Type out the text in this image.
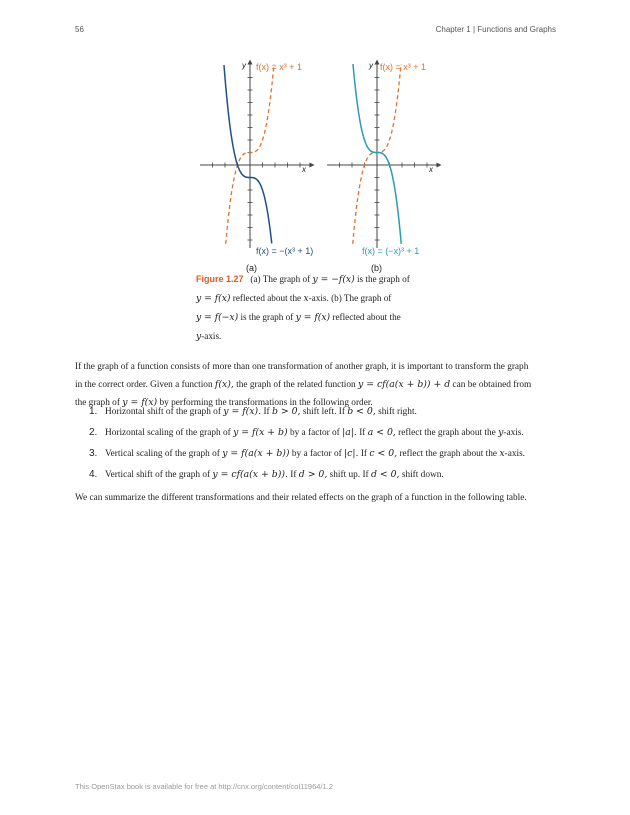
56	Chapter 1 | Functions and Graphs
y
x
f(x) = x³ + 1
f(x) = −(x³ + 1)
(a)
y
x
f(x) = x³ + 1
f(x) = (−x)³ + 1
(b)
Figure 1.27 (a) The graph of y = −f(x) is the graph of
y = f(x) reflected about the x-axis. (b) The graph of
y = f(−x) is the graph of y = f(x) reflected about the
y-axis.
If the graph of a function consists of more than one transformation of another graph, it is important to transform the graph
in the correct order. Given a function f(x), the graph of the related function y = cf(a(x + b)) + d can be obtained from
the graph of y = f(x) by performing the transformations in the following order.
1. Horizontal shift of the graph of y = f(x). If b > 0, shift left. If b < 0, shift right.
2. Horizontal scaling of the graph of y = f(x + b) by a factor of |a|. If a < 0, reflect the graph about the y-axis.
3. Vertical scaling of the graph of y = f(a(x + b)) by a factor of |c|. If c < 0, reflect the graph about the x-axis.
4. Vertical shift of the graph of y = cf(a(x + b)). If d > 0, shift up. If d < 0, shift down.
We can summarize the different transformations and their related effects on the graph of a function in the following table.
This OpenStax book is available for free at http://cnx.org/content/col11964/1.2
